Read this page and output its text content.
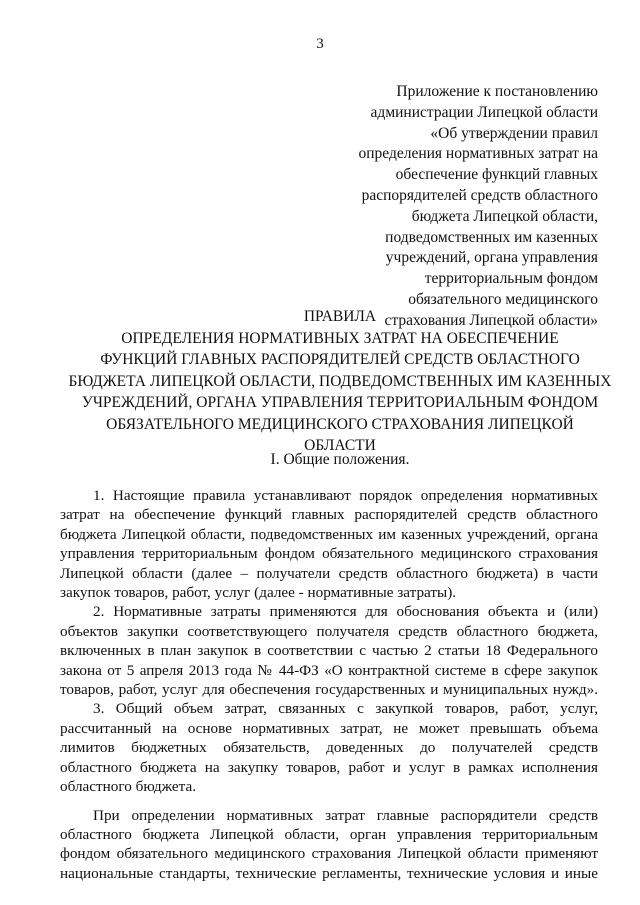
3
Приложение к постановлению
администрации Липецкой области
«Об утверждении правил
определения нормативных затрат на
обеспечение функций главных
распорядителей средств областного
бюджета Липецкой области,
подведомственных им казенных
учреждений, органа управления
территориальным фондом
обязательного медицинского
страхования Липецкой области»
ПРАВИЛА
ОПРЕДЕЛЕНИЯ НОРМАТИВНЫХ ЗАТРАТ НА ОБЕСПЕЧЕНИЕ
ФУНКЦИЙ ГЛАВНЫХ РАСПОРЯДИТЕЛЕЙ СРЕДСТВ ОБЛАСТНОГО
БЮДЖЕТА ЛИПЕЦКОЙ ОБЛАСТИ, ПОДВЕДОМСТВЕННЫХ ИМ КАЗЕННЫХ
УЧРЕЖДЕНИЙ, ОРГАНА УПРАВЛЕНИЯ ТЕРРИТОРИАЛЬНЫМ ФОНДОМ
ОБЯЗАТЕЛЬНОГО МЕДИЦИНСКОГО СТРАХОВАНИЯ ЛИПЕЦКОЙ
ОБЛАСТИ
I. Общие положения.
1. Настоящие правила устанавливают порядок определения нормативных
затрат на обеспечение функций главных распорядителей средств областного
бюджета Липецкой области, подведомственных им казенных учреждений, органа
управления территориальным фондом обязательного медицинского страхования
Липецкой области (далее – получатели средств областного бюджета) в части
закупок товаров, работ, услуг (далее - нормативные затраты).
2. Нормативные затраты применяются для обоснования объекта и (или)
объектов закупки соответствующего получателя средств областного бюджета,
включенных в план закупок в соответствии с частью 2 статьи 18 Федерального
закона от 5 апреля 2013 года № 44-ФЗ «О контрактной системе в сфере закупок
товаров, работ, услуг для обеспечения государственных и муниципальных нужд».
3. Общий объем затрат, связанных с закупкой товаров, работ, услуг,
рассчитанный на основе нормативных затрат, не может превышать объема
лимитов бюджетных обязательств, доведенных до получателей средств
областного бюджета на закупку товаров, работ и услуг в рамках исполнения
областного бюджета.
При определении нормативных затрат главные распорядители средств
областного бюджета Липецкой области, орган управления территориальным
фондом обязательного медицинского страхования Липецкой области применяют
национальные стандарты, технические регламенты, технические условия и иные
